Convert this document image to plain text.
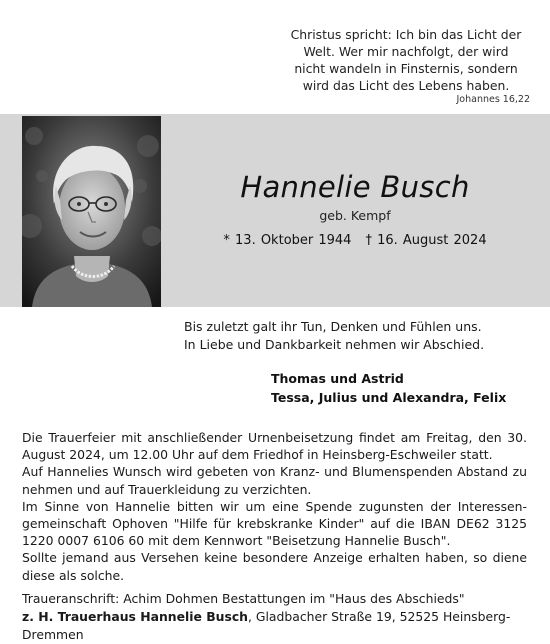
Christus spricht: Ich bin das Licht der
Welt. Wer mir nachfolgt, der wird
nicht wandeln in Finsternis, sondern
wird das Licht des Lebens haben.
Johannes 16,22
Hannelie Busch
geb. Kempf
* 13. Oktober 1944 † 16. August 2024
Bis zuletzt galt ihr Tun, Denken und Fühlen uns.
In Liebe und Dankbarkeit nehmen wir Abschied.
Thomas und Astrid
Tessa, Julius und Alexandra, Felix

Die Trauerfeier mit anschließender Urnenbeisetzung findet am Freitag, den 30. August 2024, um 12.00 Uhr auf dem Friedhof in Heinsberg-Eschweiler statt.

Auf Hannelies Wunsch wird gebeten von Kranz- und Blumenspenden Abstand zu nehmen und auf Trauerkleidung zu verzichten.

Im Sinne von Hannelie bitten wir um eine Spende zugunsten der Interessen-gemeinschaft Ophoven "Hilfe für krebskranke Kinder" auf die IBAN DE62 3125 1220 0007 6106 60 mit dem Kennwort "Beisetzung Hannelie Busch".

Sollte jemand aus Versehen keine besondere Anzeige erhalten haben, so diene diese als solche.

Traueranschrift: Achim Dohmen Bestattungen im "Haus des Abschieds"
z. H. Trauerhaus Hannelie Busch, Gladbacher Straße 19, 52525 Heinsberg-Dremmen
